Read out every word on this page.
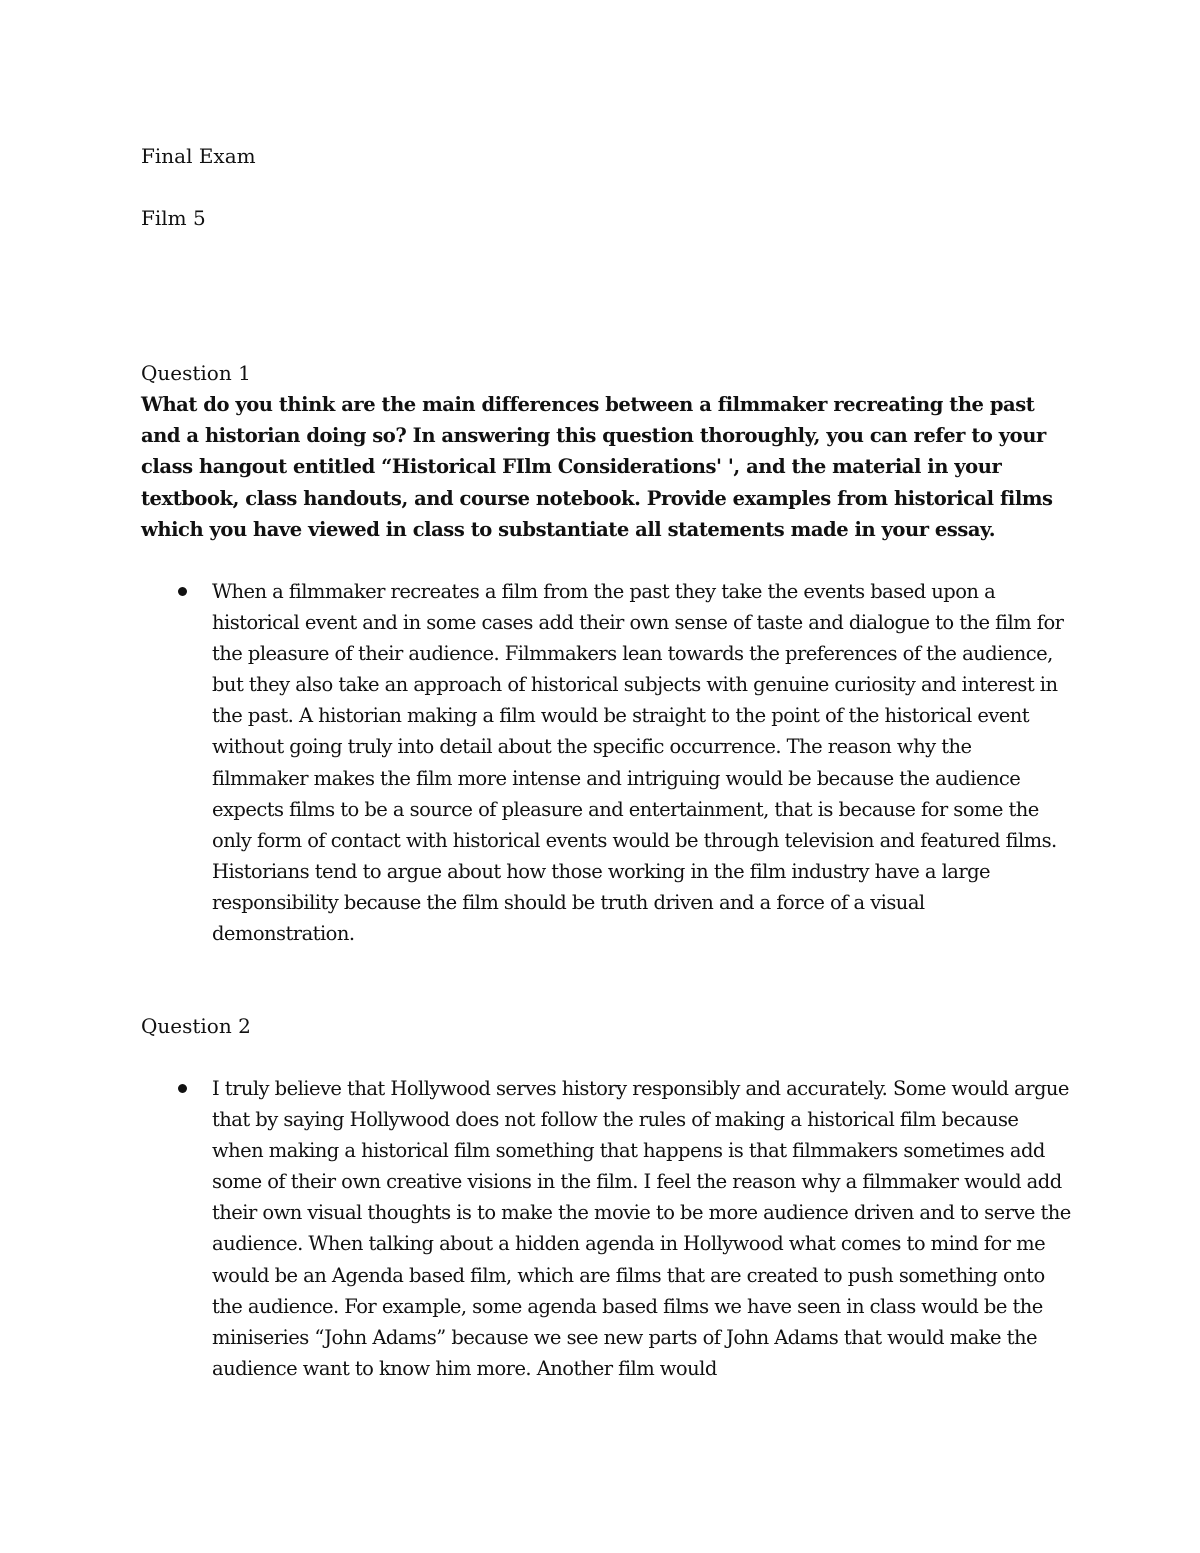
Final Exam
Film 5

Question 1

What do you think are the main differences between a filmmaker recreating the past and a historian doing so? In answering this question thoroughly, you can refer to your class hangout entitled “Historical FIlm Considerations' ', and the material in your textbook, class handouts, and course notebook. Provide examples from historical films which you have viewed in class to substantiate all statements made in your essay.

When a filmmaker recreates a film from the past they take the events based upon a historical event and in some cases add their own sense of taste and dialogue to the film for the pleasure of their audience. Filmmakers lean towards the preferences of the audience, but they also take an approach of historical subjects with genuine curiosity and interest in the past. A historian making a film would be straight to the point of the historical event without going truly into detail about the specific occurrence. The reason why the filmmaker makes the film more intense and intriguing would be because the audience expects films to be a source of pleasure and entertainment, that is because for some the only form of contact with historical events would be through television and featured films. Historians tend to argue about how those working in the film industry have a large responsibility because the film should be truth driven and a force of a visual demonstration.

Question 2

I truly believe that Hollywood serves history responsibly and accurately. Some would argue that by saying Hollywood does not follow the rules of making a historical film because when making a historical film something that happens is that filmmakers sometimes add some of their own creative visions in the film. I feel the reason why a filmmaker would add their own visual thoughts is to make the movie to be more audience driven and to serve the audience. When talking about a hidden agenda in Hollywood what comes to mind for me would be an Agenda based film, which are films that are created to push something onto the audience. For example, some agenda based films we have seen in class would be the miniseries “John Adams” because we see new parts of John Adams that would make the audience want to know him more. Another film would
